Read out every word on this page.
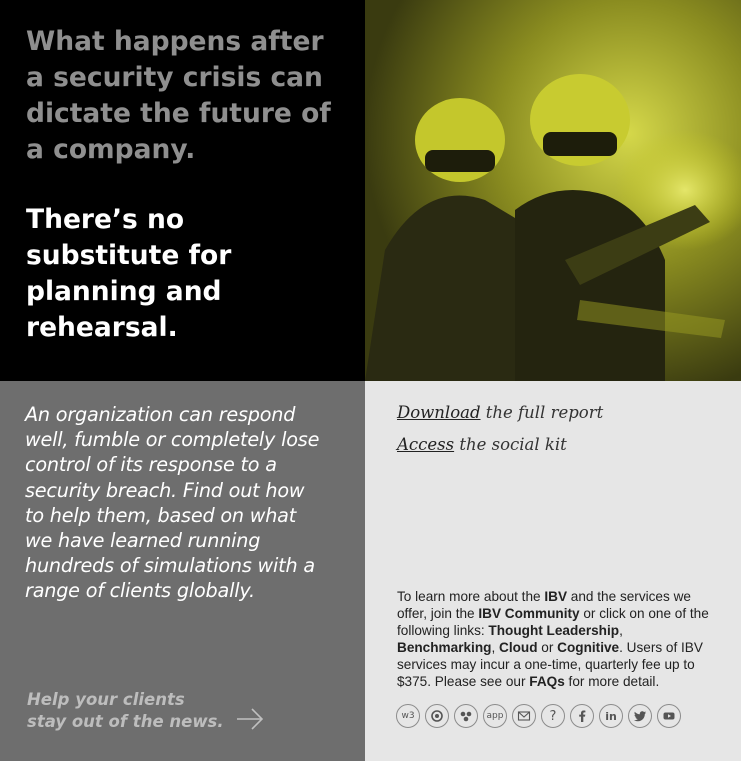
What happens after a security crisis can dictate the future of a company.

There’s no substitute for planning and rehearsal.

An organization can respond well, fumble or completely lose control of its response to a security breach. Find out how to help them, based on what we have learned running hundreds of simulations with a range of clients globally.

Help your clients stay out of the news.
Download the full report
Access the social kit
To learn more about the IBV and the services we offer, join the IBV Community or click on one of the following links: Thought Leadership, Benchmarking, Cloud or Cognitive. Users of IBV services may incur a one-time, quarterly fee up to $375. Please see our FAQs for more detail.
w3	app	?	in
